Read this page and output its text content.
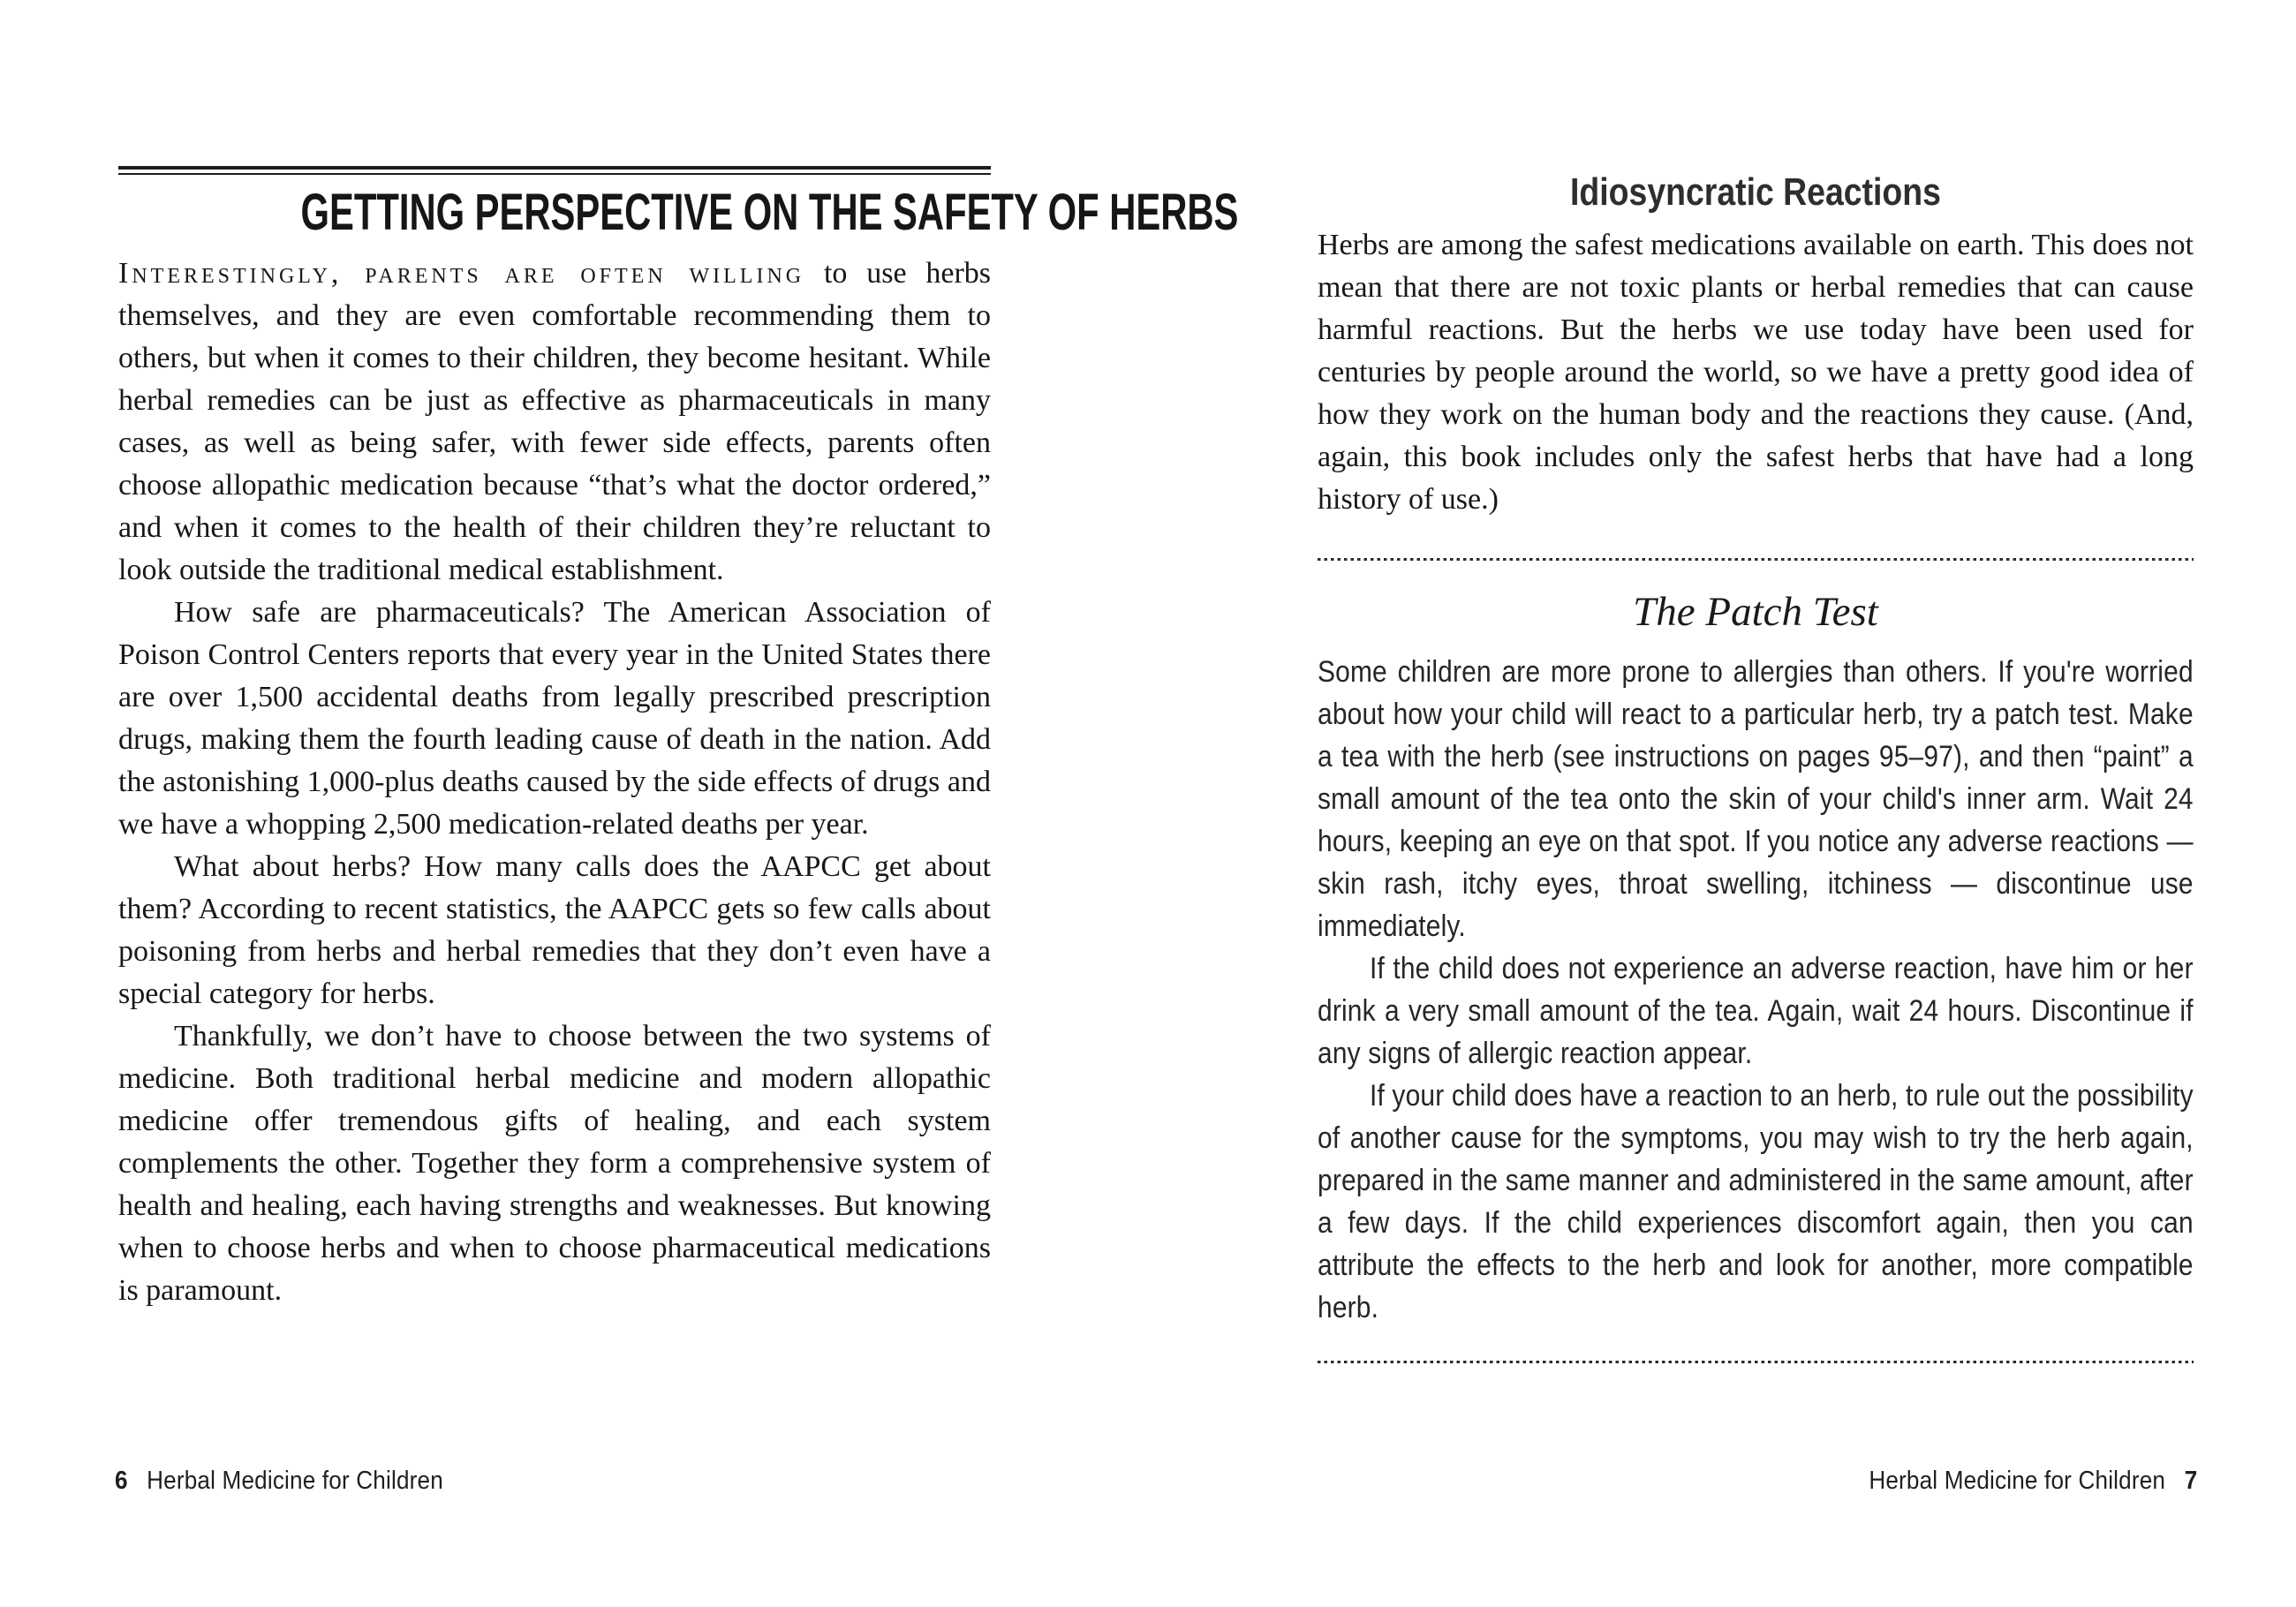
GETTING PERSPECTIVE ON THE SAFETY OF HERBS

Interestingly, parents are often willing to use herbs themselves, and they are even comfortable recommending them to others, but when it comes to their children, they become hesitant. While herbal remedies can be just as effective as pharmaceuticals in many cases, as well as being safer, with fewer side effects, parents often choose allopathic medication because “that’s what the doctor ordered,” and when it comes to the health of their children they’re reluctant to look outside the traditional medical establishment.

How safe are pharmaceuticals? The American Association of Poison Control Centers reports that every year in the United States there are over 1,500 accidental deaths from legally prescribed prescription drugs, making them the fourth leading cause of death in the nation. Add the astonishing 1,000-plus deaths caused by the side effects of drugs and we have a whopping 2,500 medication-related deaths per year.

What about herbs? How many calls does the AAPCC get about them? According to recent statistics, the AAPCC gets so few calls about poisoning from herbs and herbal remedies that they don’t even have a special category for herbs.

Thankfully, we don’t have to choose between the two systems of medicine. Both traditional herbal medicine and modern allopathic medicine offer tremendous gifts of healing, and each system complements the other. Together they form a comprehensive system of health and healing, each having strengths and weaknesses. But knowing when to choose herbs and when to choose pharmaceutical medications is paramount.

Idiosyncratic Reactions

Herbs are among the safest medications available on earth. This does not mean that there are not toxic plants or herbal remedies that can cause harmful reactions. But the herbs we use today have been used for centuries by people around the world, so we have a pretty good idea of how they work on the human body and the reactions they cause. (And, again, this book includes only the safest herbs that have had a long history of use.)

The Patch Test

Some children are more prone to allergies than others. If you're worried about how your child will react to a particular herb, try a patch test. Make a tea with the herb (see instructions on pages 95–97), and then “paint” a small amount of the tea onto the skin of your child's inner arm. Wait 24 hours, keeping an eye on that spot. If you notice any adverse reactions — skin rash, itchy eyes, throat swelling, itchiness — discontinue use immediately.

If the child does not experience an adverse reaction, have him or her drink a very small amount of the tea. Again, wait 24 hours. Discontinue if any signs of allergic reaction appear.

If your child does have a reaction to an herb, to rule out the possibility of another cause for the symptoms, you may wish to try the herb again, prepared in the same manner and administered in the same amount, after a few days. If the child experiences discomfort again, then you can attribute the effects to the herb and look for another, more compatible herb.

6 Herbal Medicine for Children	Herbal Medicine for Children 7
